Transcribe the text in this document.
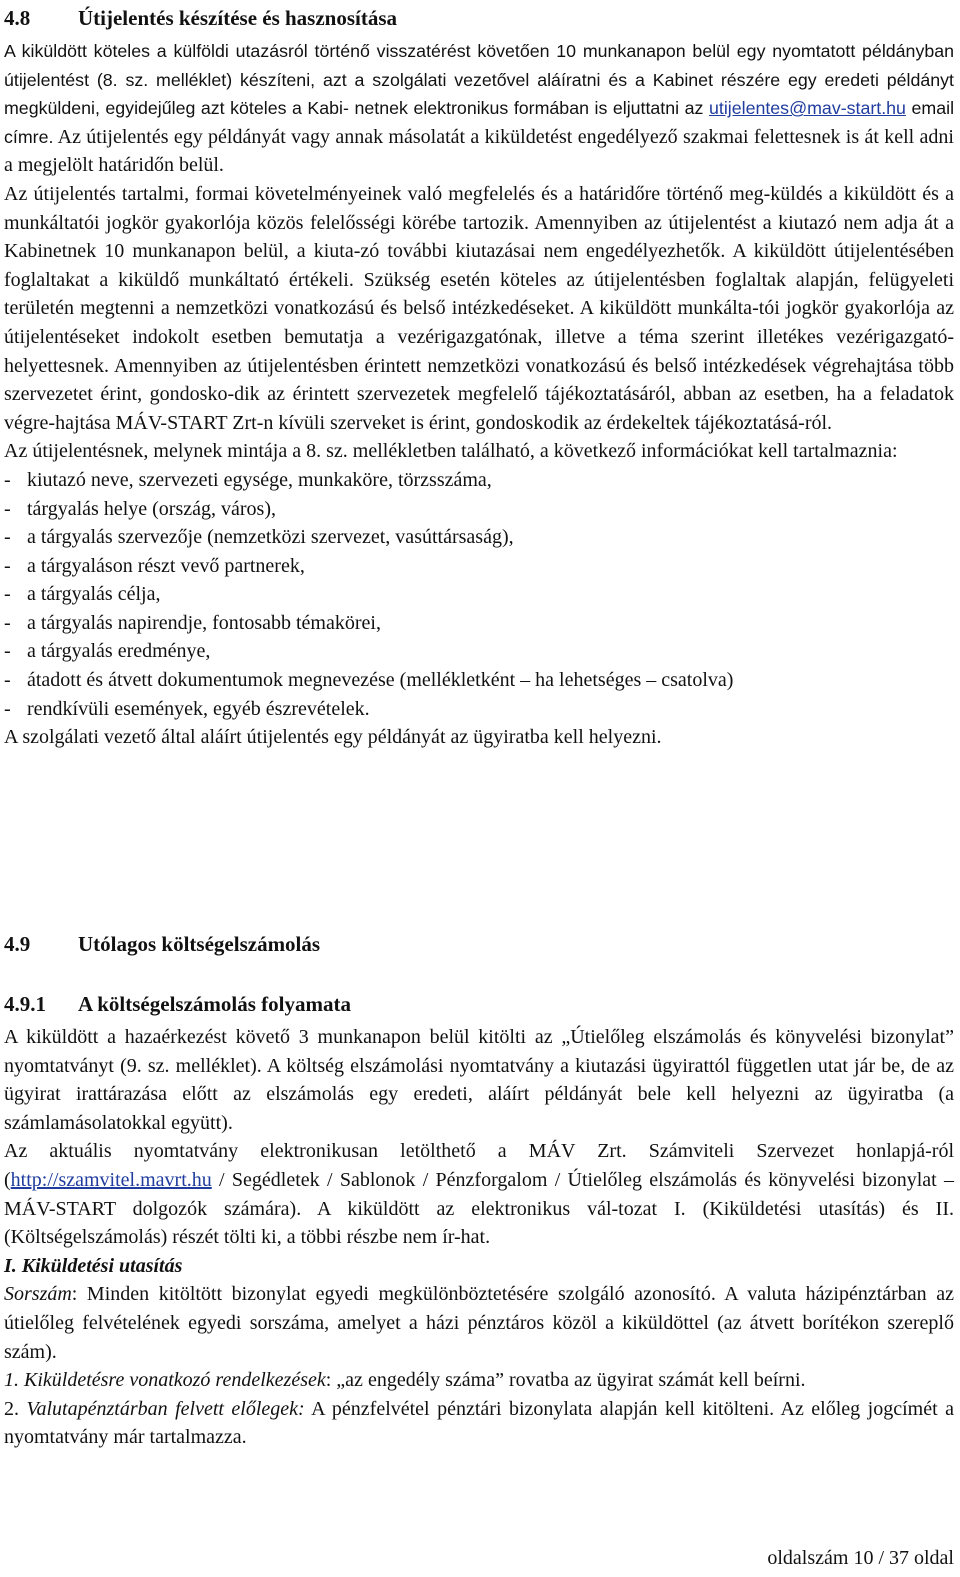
4.8 Útijelentés készítése és hasznosítása

A kiküldött köteles a külföldi utazásról történő visszatérést követően 10 munkanapon belül egy nyomtatott példányban útijelentést (8. sz. melléklet) készíteni, azt a szolgálati vezetővel aláíratni és a Kabinet részére egy eredeti példányt megküldeni, egyidejűleg azt köteles a Kabi- netnek elektronikus formában is eljuttatni az utijelentes@mav-start.hu email címre. Az útijelentés egy példányát vagy annak másolatát a kiküldetést engedélyező szakmai felettesnek is át kell adni a megjelölt határidőn belül.

Az útijelentés tartalmi, formai követelményeinek való megfelelés és a határidőre történő meg-küldés a kiküldött és a munkáltatói jogkör gyakorlója közös felelősségi körébe tartozik. Amennyiben az útijelentést a kiutazó nem adja át a Kabinetnek 10 munkanapon belül, a kiuta-zó további kiutazásai nem engedélyezhetők. A kiküldött útijelentésében foglaltakat a kiküldő munkáltató értékeli. Szükség esetén köteles az útijelentésben foglaltak alapján, felügyeleti területén megtenni a nemzetközi vonatkozású és belső intézkedéseket. A kiküldött munkálta-tói jogkör gyakorlója az útijelentéseket indokolt esetben bemutatja a vezérigazgatónak, illetve a téma szerint illetékes vezérigazgató-helyettesnek. Amennyiben az útijelentésben érintett nemzetközi vonatkozású és belső intézkedések végrehajtása több szervezetet érint, gondosko-dik az érintett szervezetek megfelelő tájékoztatásáról, abban az esetben, ha a feladatok végre-hajtása MÁV-START Zrt-n kívüli szerveket is érint, gondoskodik az érdekeltek tájékoztatásá-ról.

Az útijelentésnek, melynek mintája a 8. sz. mellékletben található, a következő információkat kell tartalmaznia:

- kiutazó neve, szervezeti egysége, munkaköre, törzsszáma,
- tárgyalás helye (ország, város),
- a tárgyalás szervezője (nemzetközi szervezet, vasúttársaság),
- a tárgyaláson részt vevő partnerek,
- a tárgyalás célja,
- a tárgyalás napirendje, fontosabb témakörei,
- a tárgyalás eredménye,
- átadott és átvett dokumentumok megnevezése (mellékletként – ha lehetséges – csatolva)
- rendkívüli események, egyéb észrevételek.

A szolgálati vezető által aláírt útijelentés egy példányát az ügyiratba kell helyezni.

4.9 Utólagos költségelszámolás
4.9.1 A költségelszámolás folyamata

A kiküldött a hazaérkezést követő 3 munkanapon belül kitölti az „Útielőleg elszámolás és könyvelési bizonylat” nyomtatványt (9. sz. melléklet). A költség elszámolási nyomtatvány a kiutazási ügyirattól független utat jár be, de az ügyirat irattárazása előtt az elszámolás egy eredeti, aláírt példányát bele kell helyezni az ügyiratba (a számlamásolatokkal együtt).

Az aktuális nyomtatvány elektronikusan letölthető a MÁV Zrt. Számviteli Szervezet honlapjá-ról (http://szamvitel.mavrt.hu / Segédletek / Sablonok / Pénzforgalom / Útielőleg elszámolás és könyvelési bizonylat – MÁV-START dolgozók számára). A kiküldött az elektronikus vál-tozat I. (Kiküldetési utasítás) és II. (Költségelszámolás) részét tölti ki, a többi részbe nem ír-hat.

I. Kiküldetési utasítás

Sorszám: Minden kitöltött bizonylat egyedi megkülönböztetésére szolgáló azonosító. A valuta házipénztárban az útielőleg felvételének egyedi sorszáma, amelyet a házi pénztáros közöl a kiküldöttel (az átvett borítékon szereplő szám).

1. Kiküldetésre vonatkozó rendelkezések: „az engedély száma” rovatba az ügyirat számát kell beírni.

2. Valutapénztárban felvett előlegek: A pénzfelvétel pénztári bizonylata alapján kell kitölteni. Az előleg jogcímét a nyomtatvány már tartalmazza.

oldalszám 10 / 37 oldal
